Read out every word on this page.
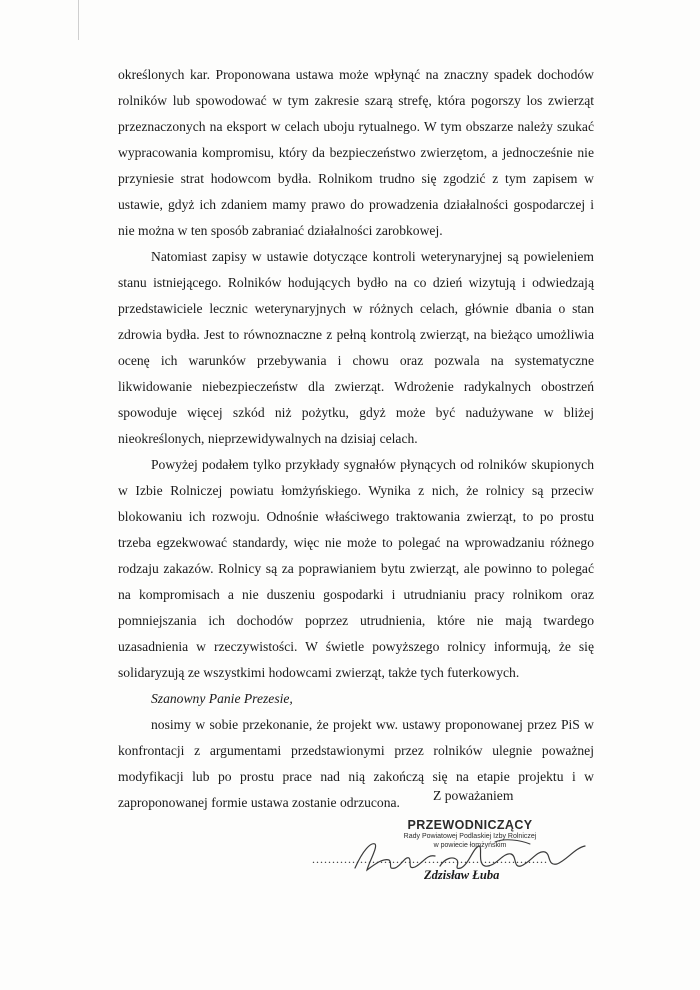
określonych kar. Proponowana ustawa może wpłynąć na znaczny spadek dochodów rolników lub spowodować w tym zakresie szarą strefę, która pogorszy los zwierząt przeznaczonych na eksport w celach uboju rytualnego. W tym obszarze należy szukać wypracowania kompromisu, który da bezpieczeństwo zwierzętom, a jednocześnie nie przyniesie strat hodowcom bydła. Rolnikom trudno się zgodzić z tym zapisem w ustawie, gdyż ich zdaniem mamy prawo do prowadzenia działalności gospodarczej i nie można w ten sposób zabraniać działalności zarobkowej.

Natomiast zapisy w ustawie dotyczące kontroli weterynaryjnej są powieleniem stanu istniejącego. Rolników hodujących bydło na co dzień wizytują i odwiedzają przedstawiciele lecznic weterynaryjnych w różnych celach, głównie dbania o stan zdrowia bydła. Jest to równoznaczne z pełną kontrolą zwierząt, na bieżąco umożliwia ocenę ich warunków przebywania i chowu oraz pozwala na systematyczne likwidowanie niebezpieczeństw dla zwierząt. Wdrożenie radykalnych obostrzeń spowoduje więcej szkód niż pożytku, gdyż może być nadużywane w bliżej nieokreślonych, nieprzewidywalnych na dzisiaj celach.

Powyżej podałem tylko przykłady sygnałów płynących od rolników skupionych w Izbie Rolniczej powiatu łomżyńskiego. Wynika z nich, że rolnicy są przeciw blokowaniu ich rozwoju. Odnośnie właściwego traktowania zwierząt, to po prostu trzeba egzekwować standardy, więc nie może to polegać na wprowadzaniu różnego rodzaju zakazów. Rolnicy są za poprawianiem bytu zwierząt, ale powinno to polegać na kompromisach a nie duszeniu gospodarki i utrudnianiu pracy rolnikom oraz pomniejszania ich dochodów poprzez utrudnienia, które nie mają twardego uzasadnienia w rzeczywistości. W świetle powyższego rolnicy informują, że się solidaryzują ze wszystkimi hodowcami zwierząt, także tych futerkowych.

Szanowny Panie Prezesie,

nosimy w sobie przekonanie, że projekt ww. ustawy proponowanej przez PiS w konfrontacji z argumentami przedstawionymi przez rolników ulegnie poważnej modyfikacji lub po prostu prace nad nią zakończą się na etapie projektu i w zaproponowanej formie ustawa zostanie odrzucona.	Z poważaniem
PRZEWODNICZĄCY
Rady Powiatowej Podlaskiej Izby Rolniczej
w powiecie łomżyńskim
...........................................................
Zdzisław Łuba
